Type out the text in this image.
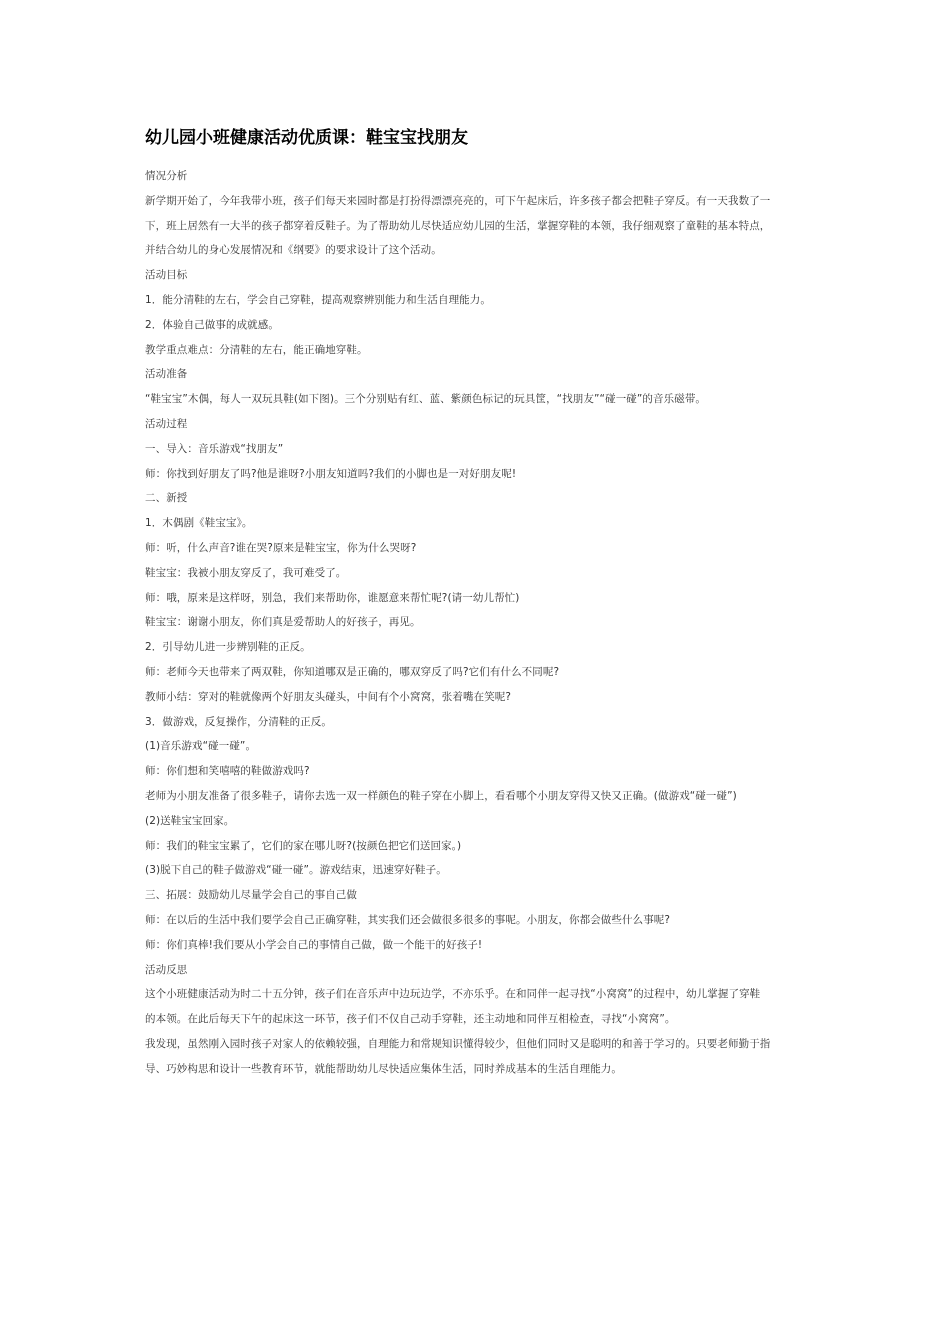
幼儿园小班健康活动优质课：鞋宝宝找朋友

情况分析

新学期开始了，今年我带小班，孩子们每天来园时都是打扮得漂漂亮亮的，可下午起床后，许多孩子都会把鞋子穿反。有一天我数了一

下，班上居然有一大半的孩子都穿着反鞋子。为了帮助幼儿尽快适应幼儿园的生活，掌握穿鞋的本领，我仔细观察了童鞋的基本特点，

并结合幼儿的身心发展情况和《纲要》的要求设计了这个活动。

活动目标

1．能分清鞋的左右，学会自己穿鞋，提高观察辨别能力和生活自理能力。

2．体验自己做事的成就感。

教学重点难点：分清鞋的左右，能正确地穿鞋。

活动准备

“鞋宝宝”木偶，每人一双玩具鞋(如下图)。三个分别贴有红、蓝、紫颜色标记的玩具筐，“找朋友”“碰一碰”的音乐磁带。

活动过程

一、导入：音乐游戏“找朋友”

师：你找到好朋友了吗?他是谁呀?小朋友知道吗?我们的小脚也是一对好朋友呢!

二、新授

1．木偶剧《鞋宝宝》。

师：听，什么声音?谁在哭?原来是鞋宝宝，你为什么哭呀?

鞋宝宝：我被小朋友穿反了，我可难受了。

师：哦，原来是这样呀，别急，我们来帮助你，谁愿意来帮忙呢?(请一幼儿帮忙)

鞋宝宝：谢谢小朋友，你们真是爱帮助人的好孩子，再见。

2．引导幼儿进一步辨别鞋的正反。

师：老师今天也带来了两双鞋，你知道哪双是正确的，哪双穿反了吗?它们有什么不同呢?

教师小结：穿对的鞋就像两个好朋友头碰头，中间有个小窝窝，张着嘴在笑呢?

3．做游戏，反复操作，分清鞋的正反。

(1)音乐游戏“碰一碰”。

师：你们想和笑嘻嘻的鞋做游戏吗?

老师为小朋友准备了很多鞋子，请你去选一双一样颜色的鞋子穿在小脚上，看看哪个小朋友穿得又快又正确。(做游戏“碰一碰”)

(2)送鞋宝宝回家。

师：我们的鞋宝宝累了，它们的家在哪儿呀?(按颜色把它们送回家。)

(3)脱下自己的鞋子做游戏“碰一碰”。游戏结束，迅速穿好鞋子。

三、拓展：鼓励幼儿尽量学会自己的事自己做

师：在以后的生活中我们要学会自己正确穿鞋，其实我们还会做很多很多的事呢。小朋友，你都会做些什么事呢?

师：你们真棒!我们要从小学会自己的事情自己做，做一个能干的好孩子!

活动反思

这个小班健康活动为时二十五分钟，孩子们在音乐声中边玩边学，不亦乐乎。在和同伴一起寻找“小窝窝”的过程中，幼儿掌握了穿鞋

的本领。在此后每天下午的起床这一环节，孩子们不仅自己动手穿鞋，还主动地和同伴互相检查，寻找“小窝窝”。

我发现，虽然刚入园时孩子对家人的依赖较强，自理能力和常规知识懂得较少，但他们同时又是聪明的和善于学习的。只要老师勤于指

导、巧妙构思和设计一些教育环节，就能帮助幼儿尽快适应集体生活，同时养成基本的生活自理能力。
